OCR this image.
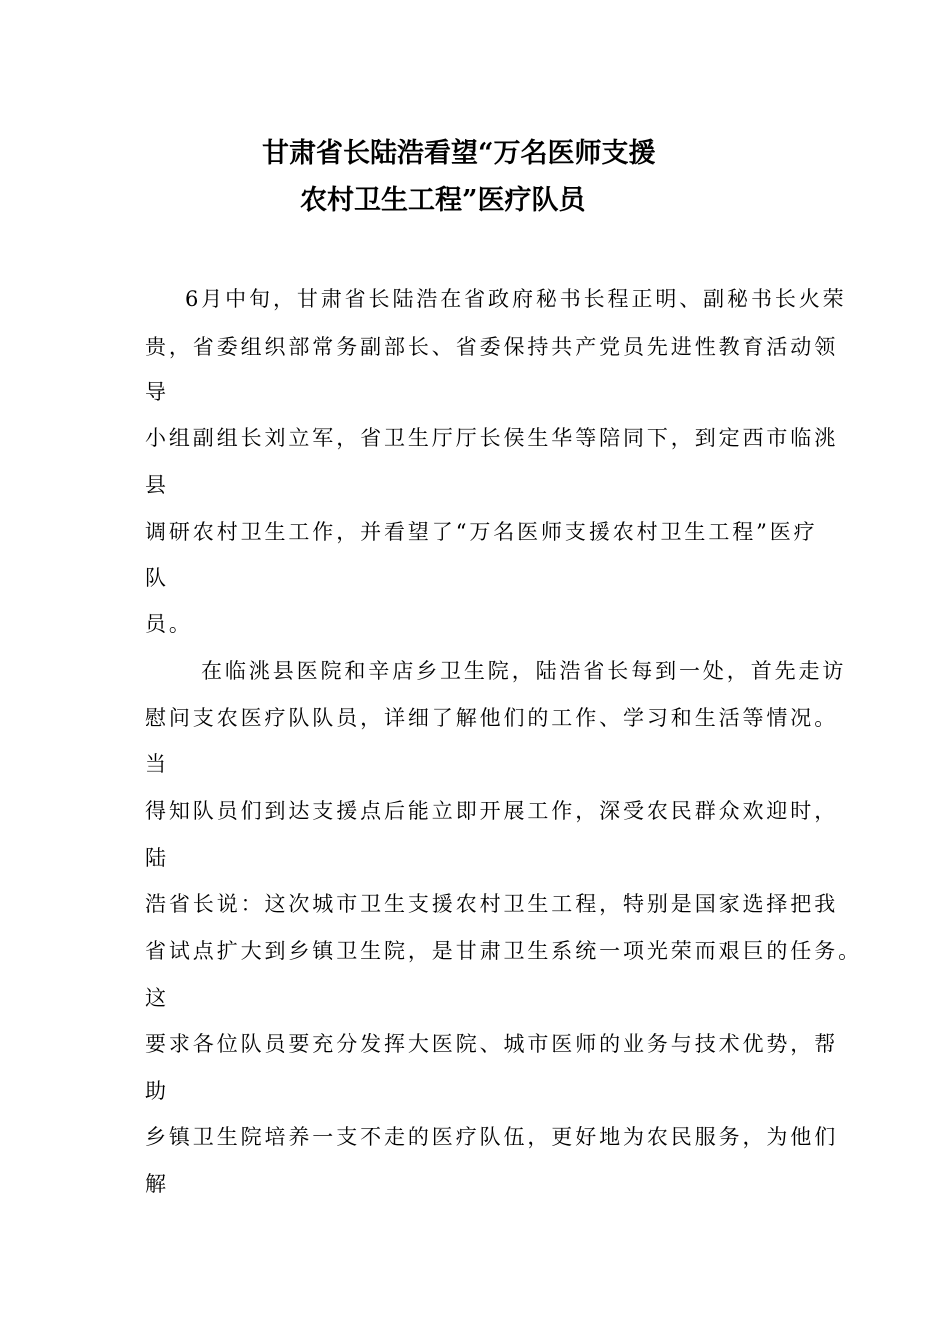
甘肃省长陆浩看望“万名医师支援
农村卫生工程”医疗队员
6月中旬，甘肃省长陆浩在省政府秘书长程正明、副秘书长火荣
贵，省委组织部常务副部长、省委保持共产党员先进性教育活动领
导
小组副组长刘立军，省卫生厅厅长侯生华等陪同下，到定西市临洮
县
调研农村卫生工作，并看望了“万名医师支援农村卫生工程”医疗
队
员。
在临洮县医院和辛店乡卫生院，陆浩省长每到一处，首先走访
慰问支农医疗队队员，详细了解他们的工作、学习和生活等情况。
当
得知队员们到达支援点后能立即开展工作，深受农民群众欢迎时，
陆
浩省长说：这次城市卫生支援农村卫生工程，特别是国家选择把我
省试点扩大到乡镇卫生院，是甘肃卫生系统一项光荣而艰巨的任务。
这
要求各位队员要充分发挥大医院、城市医师的业务与技术优势，帮
助
乡镇卫生院培养一支不走的医疗队伍，更好地为农民服务，为他们
解
